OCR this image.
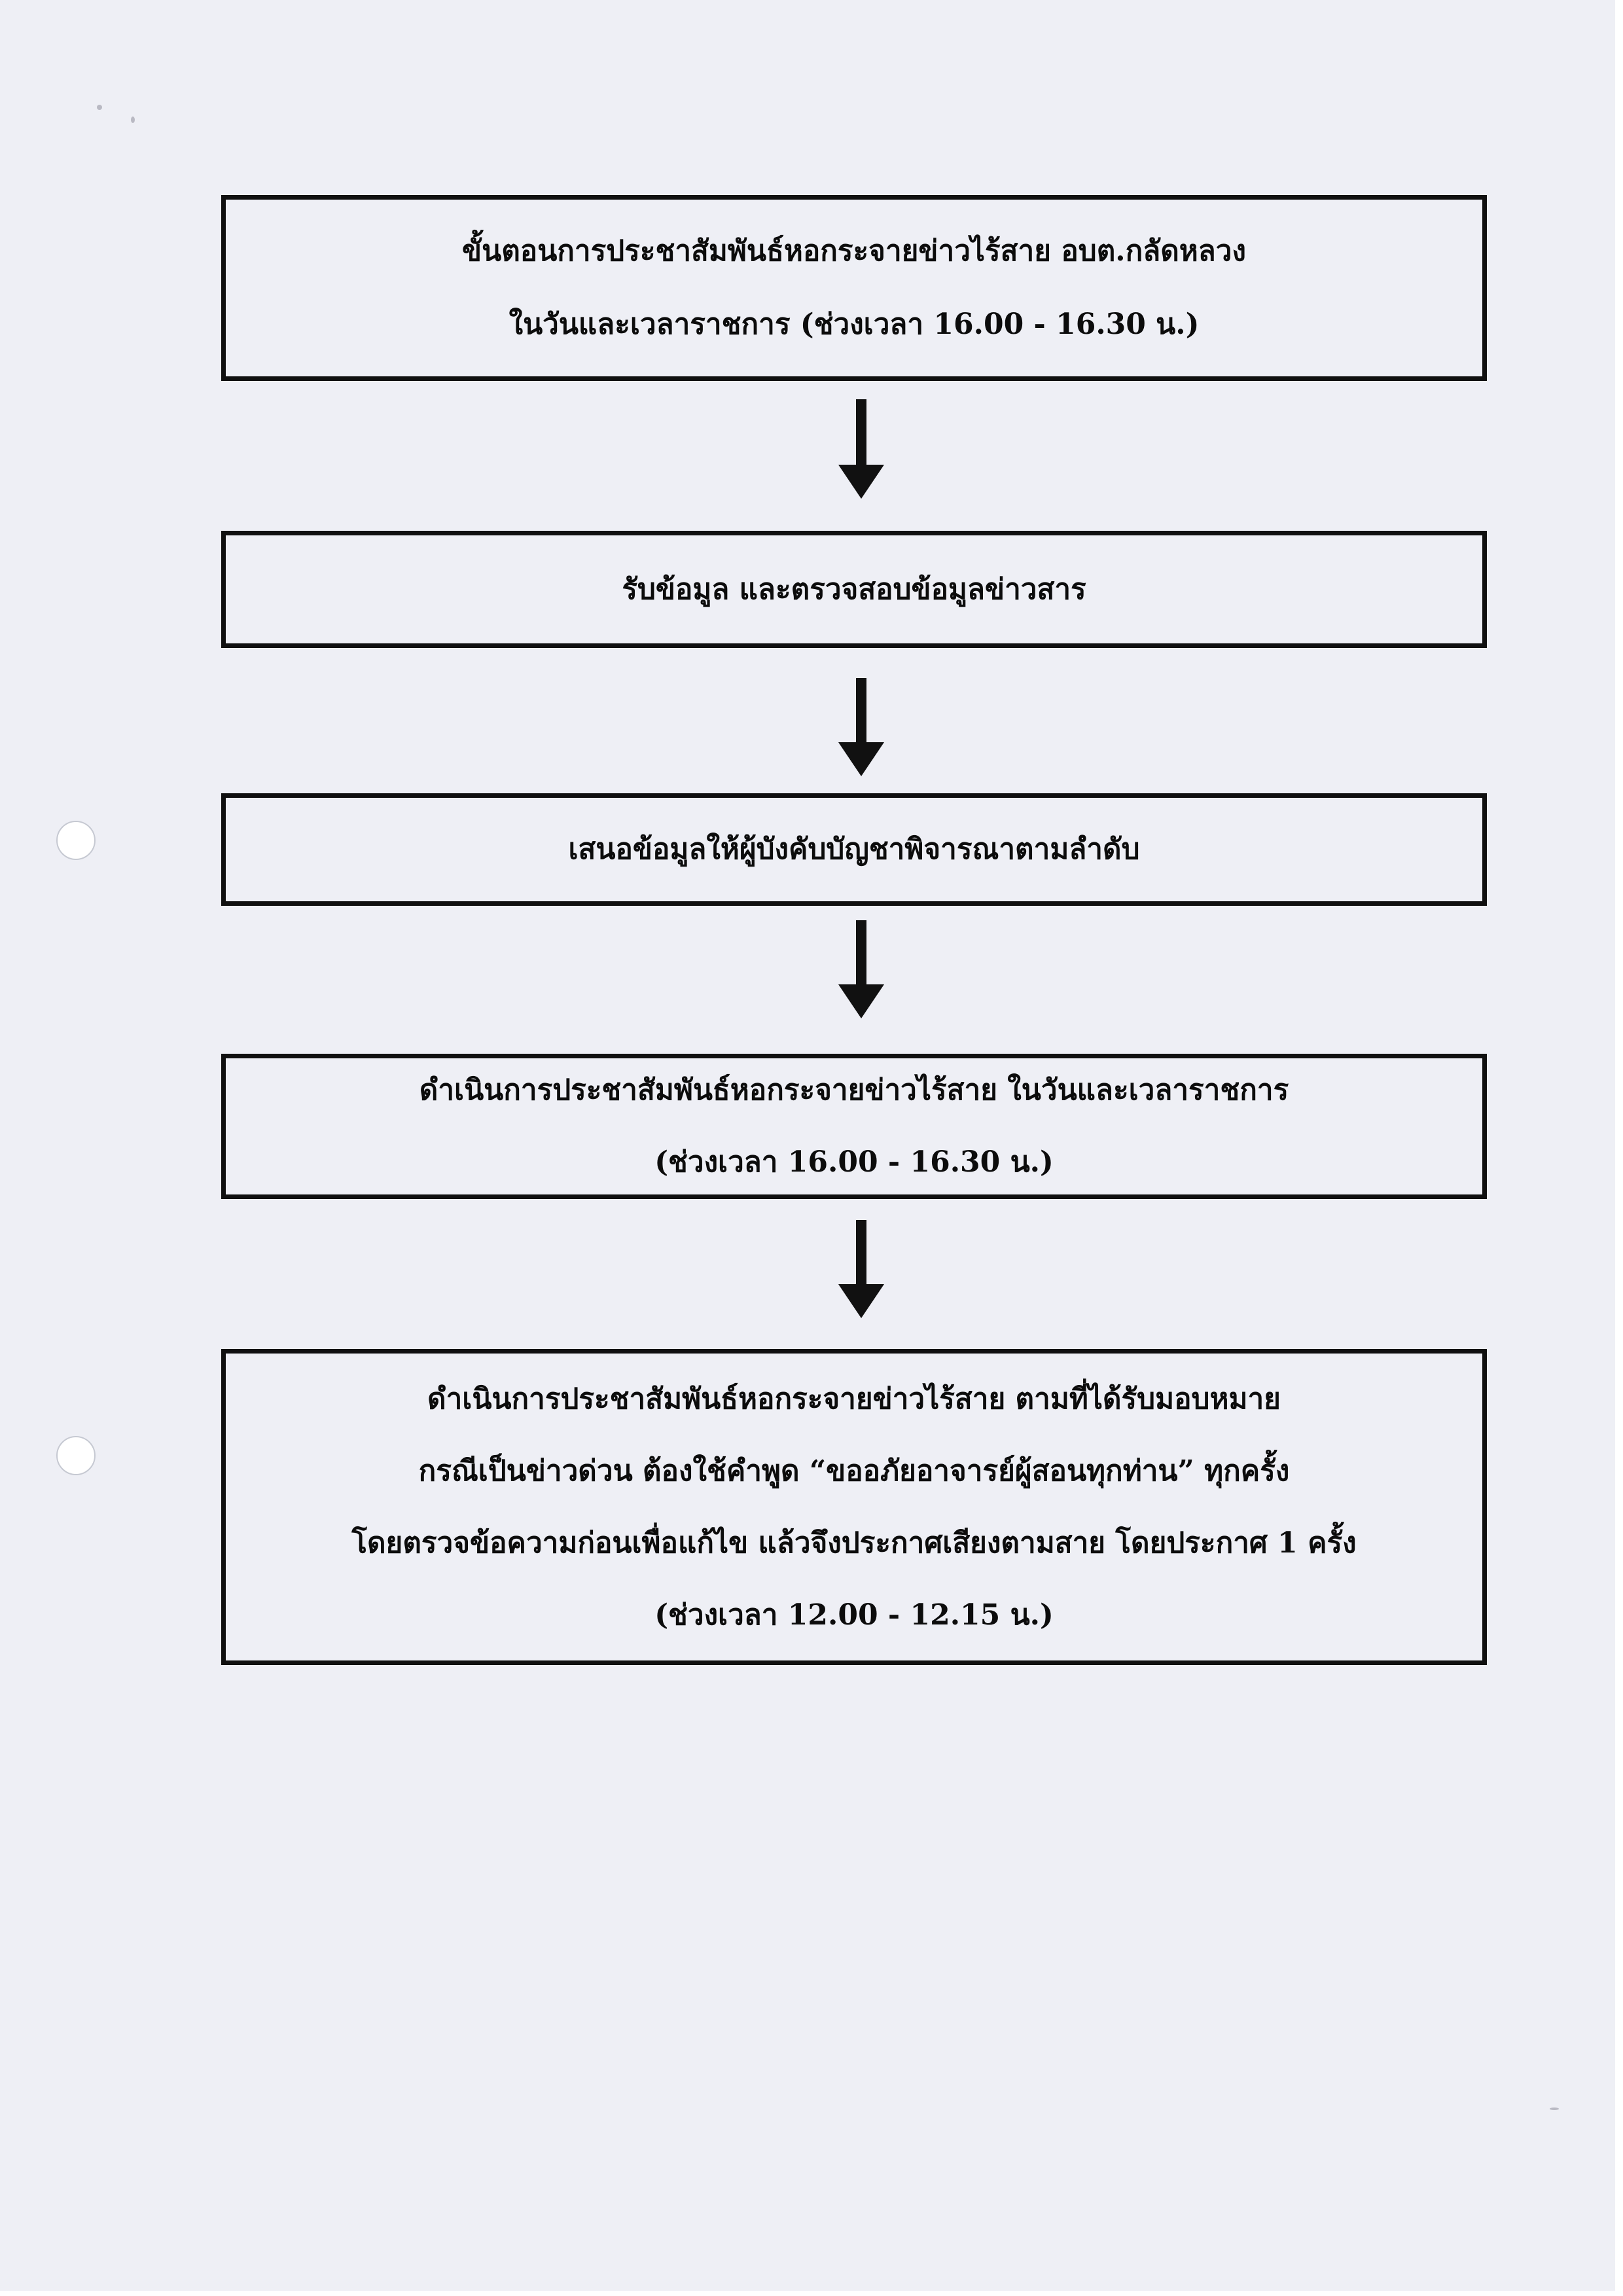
ขั้นตอนการประชาสัมพันธ์หอกระจายข่าวไร้สาย อบต.กลัดหลวง
ในวันและเวลาราชการ (ช่วงเวลา 16.00 - 16.30 น.)
รับข้อมูล และตรวจสอบข้อมูลข่าวสาร
เสนอข้อมูลให้ผู้บังคับบัญชาพิจารณาตามลำดับ
ดำเนินการประชาสัมพันธ์หอกระจายข่าวไร้สาย ในวันและเวลาราชการ
(ช่วงเวลา 16.00 - 16.30 น.)
ดำเนินการประชาสัมพันธ์หอกระจายข่าวไร้สาย ตามที่ได้รับมอบหมาย
กรณีเป็นข่าวด่วน ต้องใช้คำพูด “ขออภัยอาจารย์ผู้สอนทุกท่าน” ทุกครั้ง
โดยตรวจข้อความก่อนเพื่อแก้ไข แล้วจึงประกาศเสียงตามสาย โดยประกาศ 1 ครั้ง
(ช่วงเวลา 12.00 - 12.15 น.)
